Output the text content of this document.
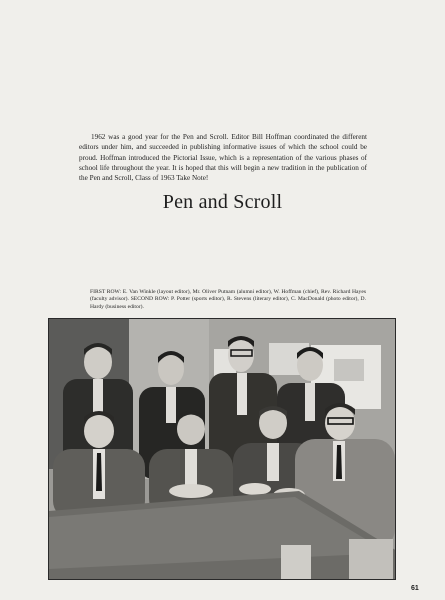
1962 was a good year for the Pen and Scroll. Editor Bill Hoffman coordinated the different editors under him, and succeeded in publishing informative issues of which the school could be proud. Hoffman introduced the Pictorial Issue, which is a representation of the various phases of school life throughout the year. It is hoped that this will begin a new tradition in the publication of the Pen and Scroll, Class of 1963 Take Note!

Pen and Scroll

FIRST ROW: E. Van Winkle (layout editor), Mr. Oliver Putnam (alumni editor), W. Hoffman (chief), Rev. Richard Hayes (faculty advisor). SECOND ROW: P. Potter (sports editor), R. Stevens (literary editor), C. MacDonald (photo editor), D. Hardy (business editor).

61
